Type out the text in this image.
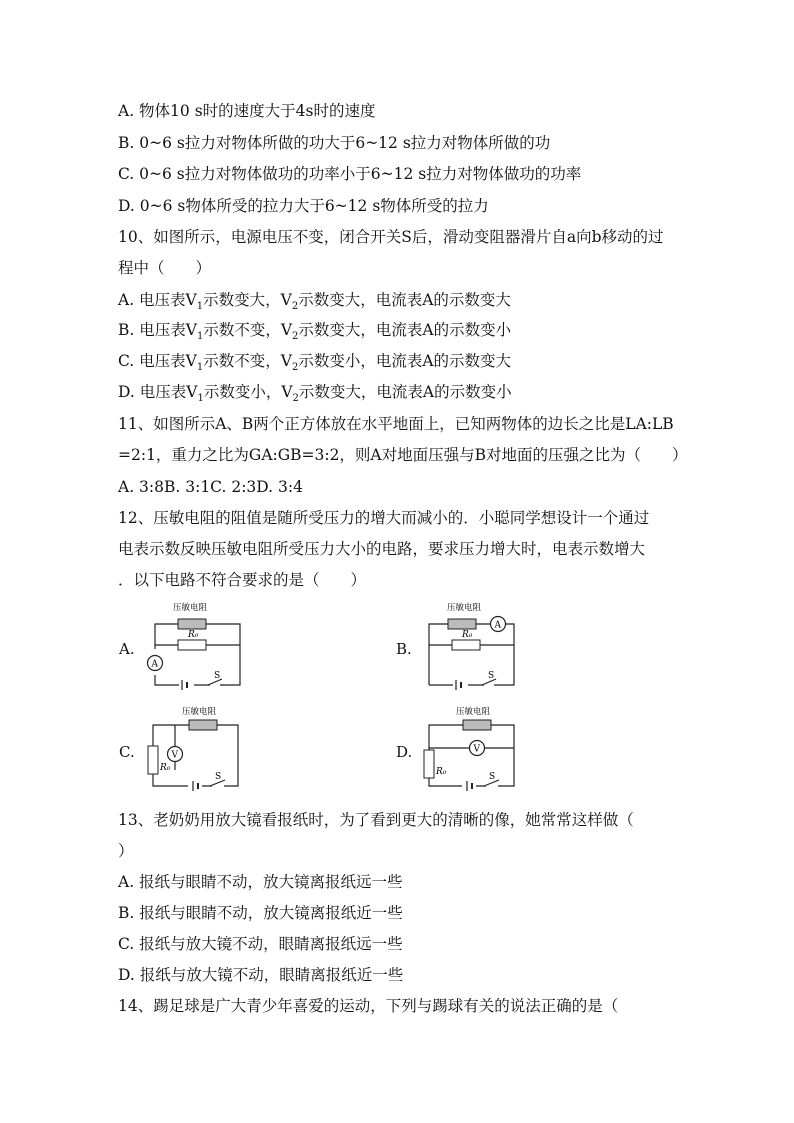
A. 物体10 s时的速度大于4s时的速度
B. 0~6 s拉力对物体所做的功大于6~12 s拉力对物体所做的功
C. 0~6 s拉力对物体做功的功率小于6~12 s拉力对物体做功的功率
D. 0~6 s物体所受的拉力大于6~12 s物体所受的拉力
10、如图所示，电源电压不变，闭合开关S后，滑动变阻器滑片自a向b移动的过
程中（　　）
A. 电压表$V_1$示数变大，$V_2$示数变大，电流表A的示数变大
B. 电压表$V_1$示数不变，$V_2$示数变大，电流表A的示数变小
C. 电压表$V_1$示数不变，$V_2$示数变小，电流表A的示数变大
D. 电压表$V_1$示数变小，$V_2$示数变大，电流表A的示数变小
11、如图所示A、B两个正方体放在水平地面上，已知两物体的边长之比是LA:LB
=2:1，重力之比为GA:GB=3:2，则A对地面压强与B对地面的压强之比为（　　）
A. 3:8B. 3:1C. 2:3D. 3:4
12、压敏电阻的阻值是随所受压力的增大而减小的．小聪同学想设计一个通过
电表示数反映压敏电阻所受压力大小的电路，要求压力增大时，电表示数增大
．以下电路不符合要求的是（　　）
A.
压敏电阻
R₀
A
S
B.
压敏电阻
A
R₀
S
C.
压敏电阻
R₀
V
S
D.
压敏电阻
R₀
V
S
13、老奶奶用放大镜看报纸时，为了看到更大的清晰的像，她常常这样做（
）
A. 报纸与眼睛不动，放大镜离报纸远一些
B. 报纸与眼睛不动，放大镜离报纸近一些
C. 报纸与放大镜不动，眼睛离报纸远一些
D. 报纸与放大镜不动，眼睛离报纸近一些
14、踢足球是广大青少年喜爱的运动，下列与踢球有关的说法正确的是（
